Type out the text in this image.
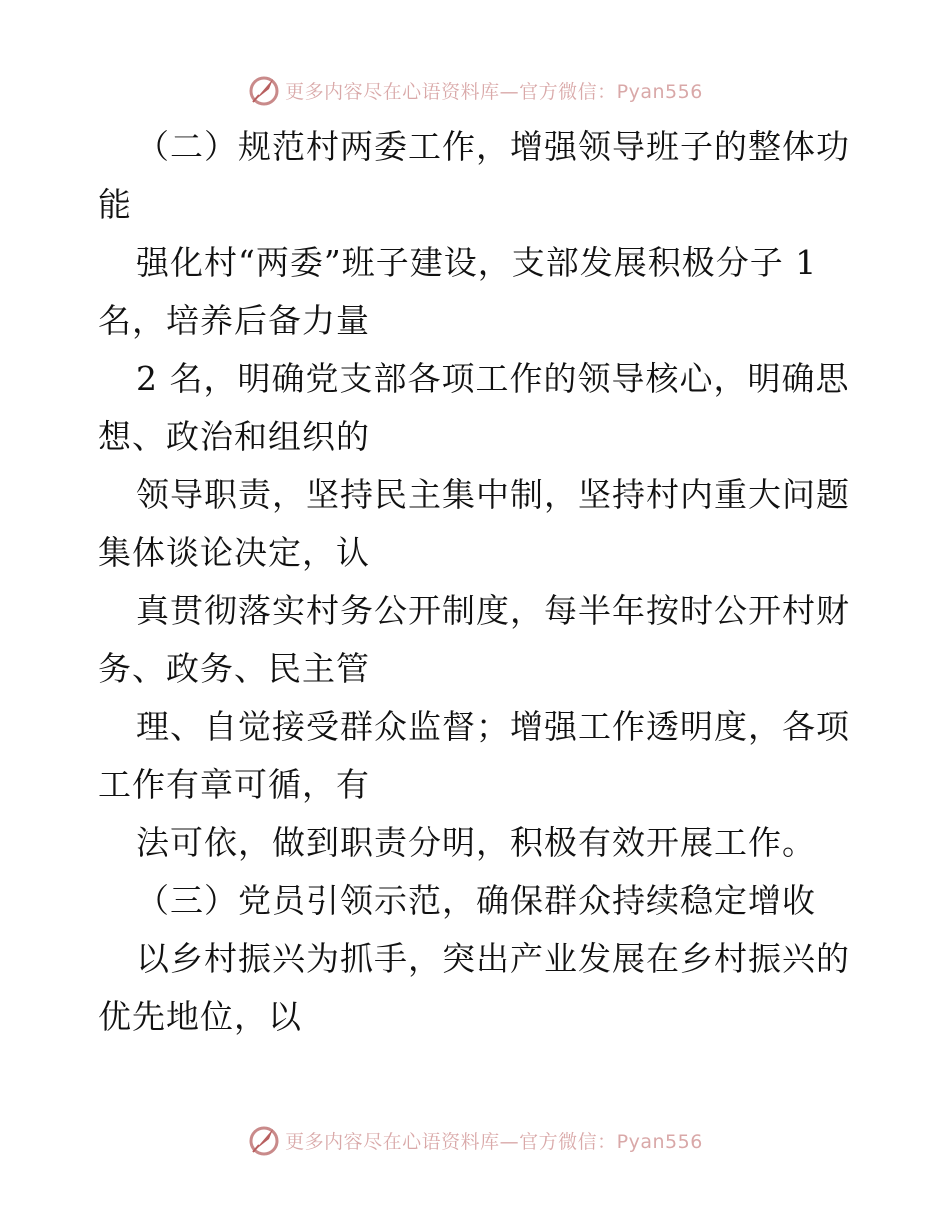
更多内容尽在心语资料库—官方微信：Pyan556

（二）规范村两委工作，增强领导班子的整体功
能

强化村“两委”班子建设，支部发展积极分子 1
名，培养后备力量

2 名，明确党支部各项工作的领导核心，明确思
想、政治和组织的

领导职责，坚持民主集中制，坚持村内重大问题
集体谈论决定，认

真贯彻落实村务公开制度，每半年按时公开村财
务、政务、民主管

理、自觉接受群众监督；增强工作透明度，各项
工作有章可循，有

法可依，做到职责分明，积极有效开展工作。

（三）党员引领示范，确保群众持续稳定增收

以乡村振兴为抓手，突出产业发展在乡村振兴的
优先地位，以

更多内容尽在心语资料库—官方微信：Pyan556
